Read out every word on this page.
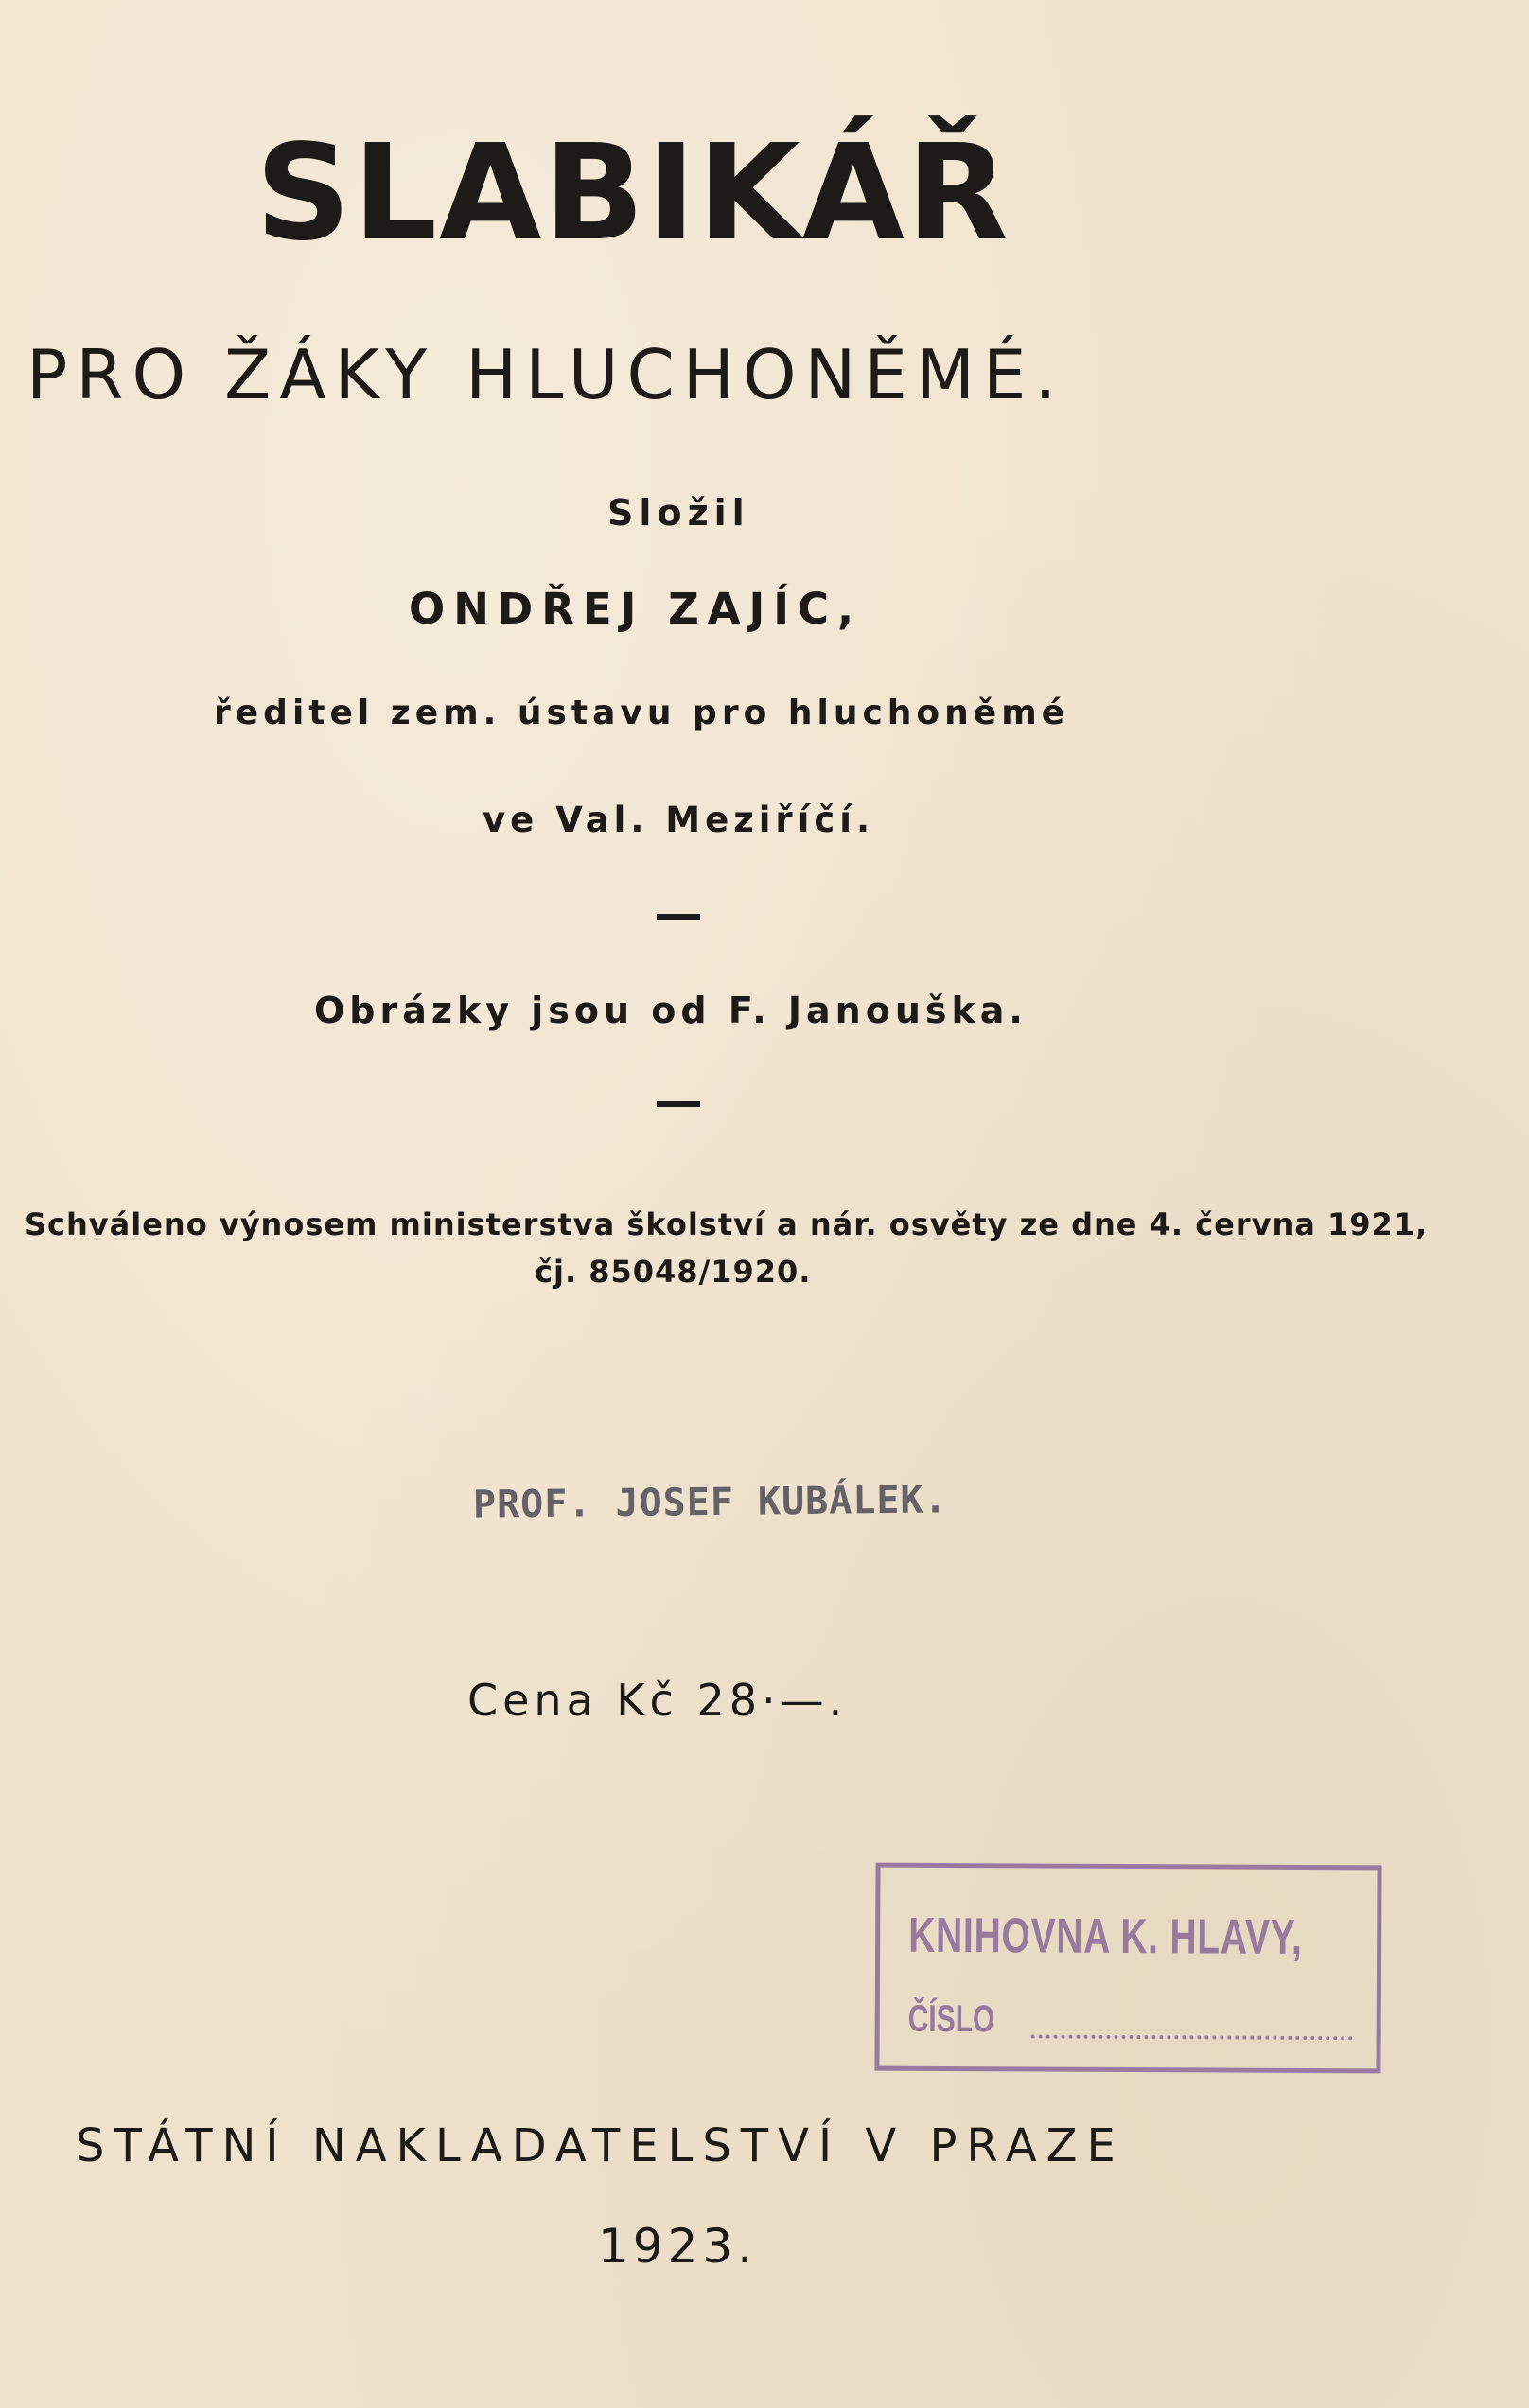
SLABIKÁŘ
PRO ŽÁKY HLUCHONĚMÉ.
Složil
ONDŘEJ ZAJÍC,
ředitel zem. ústavu pro hluchoněmé
ve Val. Meziříčí.
Obrázky jsou od F. Janouška.
Schváleno výnosem ministerstva školství a nár. osvěty ze dne 4. června 1921,
čj. 85048/1920.
PROF. JOSEF KUBÁLEK.
Cena Kč 28·—.
KNIHOVNA K. HLAVY,
ČÍSLO
STÁTNÍ NAKLADATELSTVÍ V PRAZE
1923.
